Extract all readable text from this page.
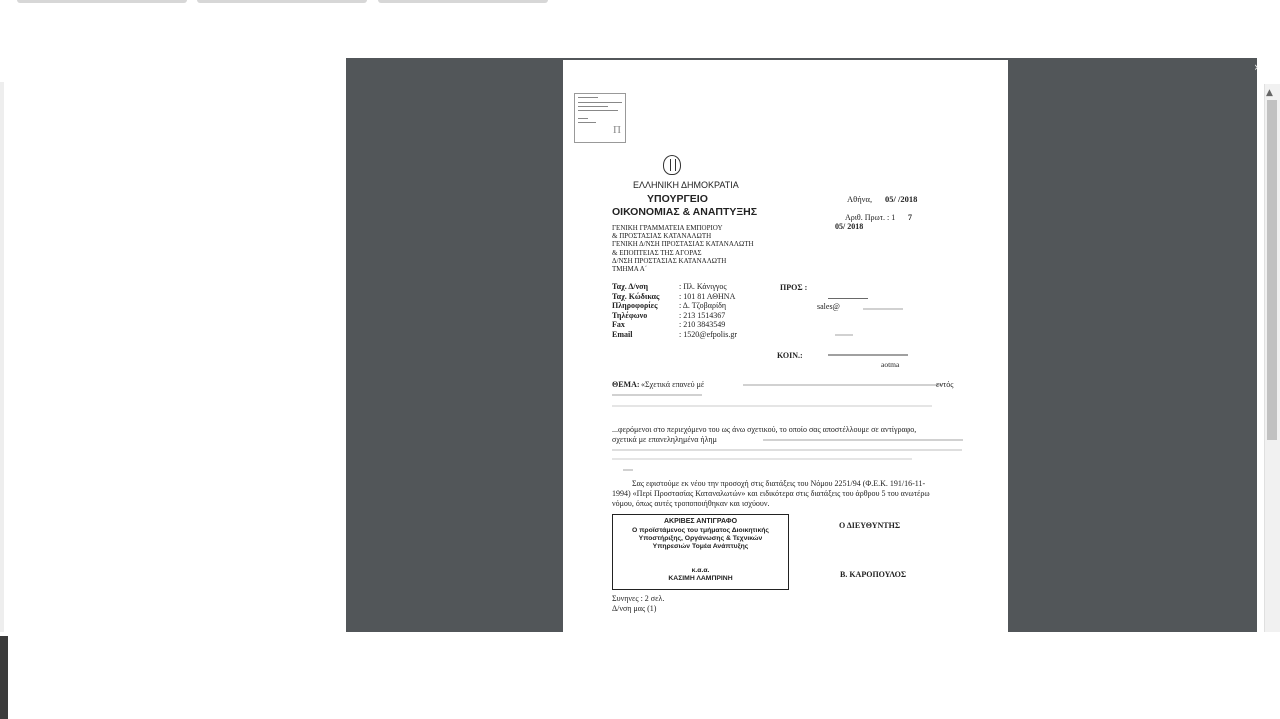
Π
ΕΛΛΗΝΙΚΗ ΔΗΜΟΚΡΑΤΙΑ
ΥΠΟΥΡΓΕΙΟ
ΟΙΚΟΝΟΜΙΑΣ & ΑΝΑΠΤΥΞΗΣ
ΓΕΝΙΚΗ ΓΡΑΜΜΑΤΕΙΑ ΕΜΠΟΡΙΟΥ
& ΠΡΟΣΤΑΣΙΑΣ ΚΑΤΑΝΑΛΩΤΗ
ΓΕΝΙΚΗ Δ/ΝΣΗ ΠΡΟΣΤΑΣΙΑΣ ΚΑΤΑΝΑΛΩΤΗ
& ΕΠΟΠΤΕΙΑΣ ΤΗΣ ΑΓΟΡΑΣ
Δ/ΝΣΗ ΠΡΟΣΤΑΣΙΑΣ ΚΑΤΑΝΑΛΩΤΗ
ΤΜΗΜΑ Α΄
Αθήνα, 05/ /2018
Αριθ. Πρωτ. : 1 7
05/ 2018
Ταχ. Δ/νση	: Πλ. Κάνιγγος
Ταχ. Κώδικας : 101 81 ΑΘΗΝΑ
Πληροφορίες	: Δ. Τζοβαρίδη
Τηλέφωνο	: 213 1514367
Fax	: 210 3843549
Email	: 1520@efpolis.gr
ΠΡΟΣ :
sales@
ΚΟΙΝ.:
aotma
ΘΕΜΑ: «Σχετικά επανεύ μέ	εντός
...φερόμενοι στο περιεχόμενο του ως άνω σχετικού, το οποίο σας αποστέλλουμε σε αντίγραφο,
σχετικά με επανεληλημένα ήλημ
Σας εφιστούμε εκ νέου την προσοχή στις διατάξεις του Νόμου 2251/94 (Φ.Ε.Κ. 191/16-11-
1994) «Περί Προστασίας Καταναλωτών» και ειδικότερα στις διατάξεις του άρθρου 5 του ανωτέρω
νόμου, όπως αυτές τροποποιήθηκαν και ισχύουν.
ΑΚΡΙΒΕΣ ΑΝΤΙΓΡΑΦΟ
Ο προϊστάμενος του τμήματος Διοικητικής
Υποστήριξης, Οργάνωσης & Τεχνικών
Υπηρεσιών Τομέα Ανάπτυξης
κ.α.α.
ΚΑΣΙΜΗ ΛΑΜΠΡΙΝΗ
Ο ΔΙΕΥΘΥΝΤΗΣ
Β. ΚΑΡΟΠΟΥΛΟΣ
Συνηνες : 2 σελ.
Δ/νση μας (1)
›
▲
